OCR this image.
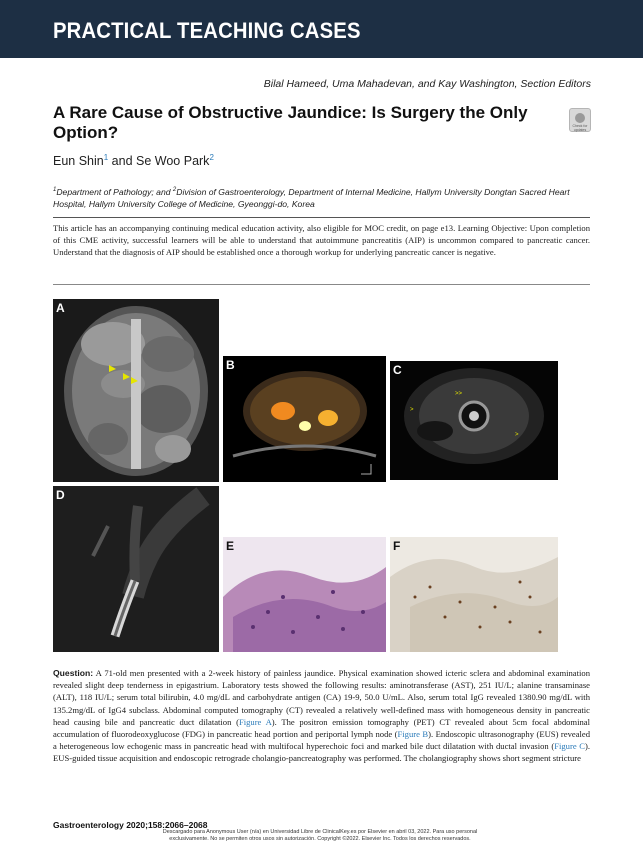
PRACTICAL TEACHING CASES
Bilal Hameed, Uma Mahadevan, and Kay Washington, Section Editors
A Rare Cause of Obstructive Jaundice: Is Surgery the Only Option?	Check for updates
Eun Shin$^1$ and Se Woo Park$^2$
$^1$Department of Pathology; and $^2$Division of Gastroenterology, Department of Internal Medicine, Hallym University Dongtan Sacred Heart Hospital, Hallym University College of Medicine, Gyeonggi-do, Korea
This article has an accompanying continuing medical education activity, also eligible for MOC credit, on page e13. Learning Objective: Upon completion of this CME activity, successful learners will be able to understand that autoimmune pancreatitis (AIP) is uncommon compared to pancreatic cancer. Understand that the diagnosis of AIP should be established once a thorough workup for underlying pancreatic cancer is negative.
A
B
>>
>
>
C
D
E	F
Question: A 71-old men presented with a 2-week history of painless jaundice. Physical examination showed icteric sclera and abdominal examination revealed slight deep tenderness in epigastrium. Laboratory tests showed the following results: aminotransferase (AST), 251 IU/L; alanine transaminase (ALT), 118 IU/L; serum total bilirubin, 4.0 mg/dL and carbohydrate antigen (CA) 19-9, 50.0 U/mL. Also, serum total IgG revealed 1380.90 mg/dL with 135.2mg/dL of IgG4 subclass. Abdominal computed tomography (CT) revealed a relatively well-defined mass with homogeneous density in pancreatic head causing bile and pancreatic duct dilatation (Figure A). The positron emission tomography (PET) CT revealed about 5cm focal abdominal accumulation of fluorodeoxyglucose (FDG) in pancreatic head portion and periportal lymph node (Figure B). Endoscopic ultrasonography (EUS) revealed a heterogeneous low echogenic mass in pancreatic head with multifocal hyperechoic foci and marked bile duct dilatation with ductal invasion (Figure C). EUS-guided tissue acquisition and endoscopic retrograde cholangio-pancreatography was performed. The cholangiography shows short segment stricture
Gastroenterology 2020;158:2066–2068
Descargado para Anonymous User (n/a) en Universidad Libre de ClinicalKey.es por Elsevier en abril 03, 2022. Para uso personal
exclusivamente. No se permiten otros usos sin autorización. Copyright ©2022. Elsevier Inc. Todos los derechos reservados.
